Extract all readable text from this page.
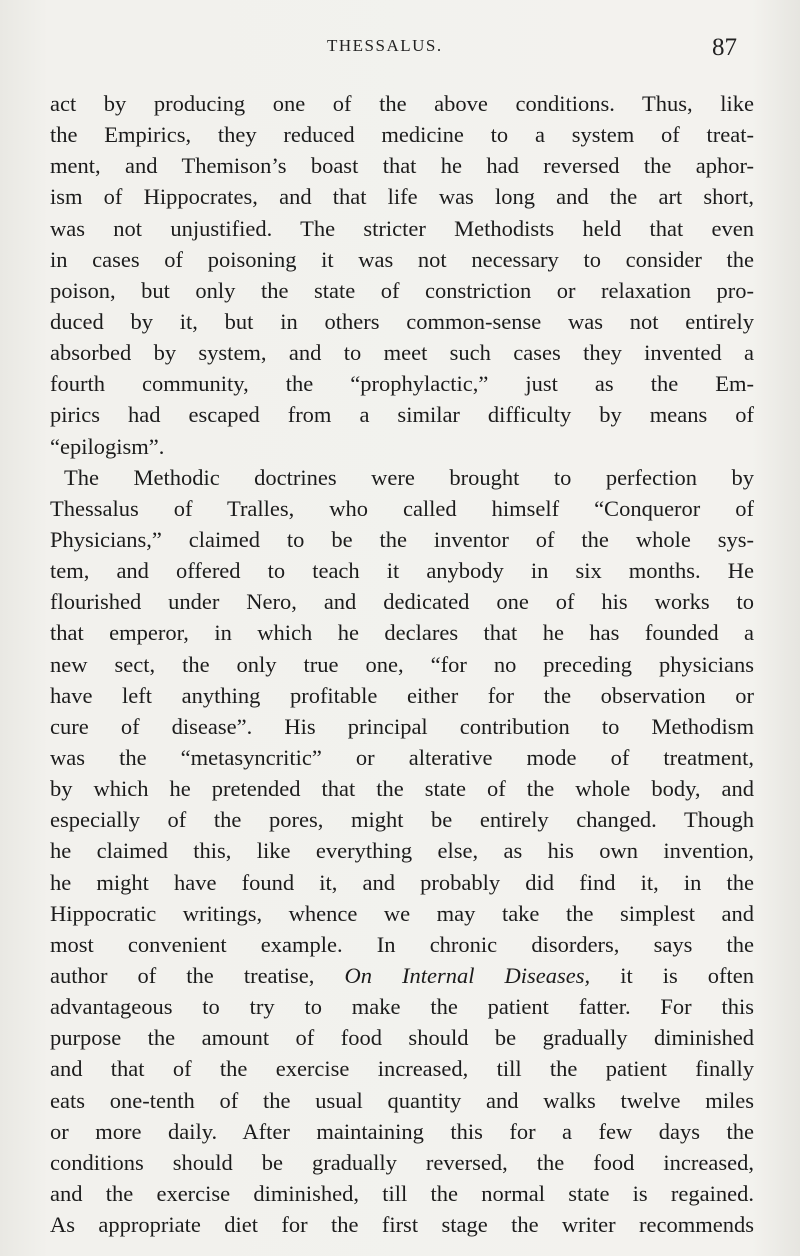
THESSALUS.	87
act by producing one of the above conditions. Thus, like
the Empirics, they reduced medicine to a system of treat-
ment, and Themison’s boast that he had reversed the aphor-
ism of Hippocrates, and that life was long and the art short,
was not unjustified. The stricter Methodists held that even
in cases of poisoning it was not necessary to consider the
poison, but only the state of constriction or relaxation pro-
duced by it, but in others common-sense was not entirely
absorbed by system, and to meet such cases they invented a
fourth community, the “prophylactic,” just as the Em-
pirics had escaped from a similar difficulty by means of
“epilogism”.
The Methodic doctrines were brought to perfection by
Thessalus of Tralles, who called himself “Conqueror of
Physicians,” claimed to be the inventor of the whole sys-
tem, and offered to teach it anybody in six months. He
flourished under Nero, and dedicated one of his works to
that emperor, in which he declares that he has founded a
new sect, the only true one, “for no preceding physicians
have left anything profitable either for the observation or
cure of disease”. His principal contribution to Methodism
was the “metasyncritic” or alterative mode of treatment,
by which he pretended that the state of the whole body, and
especially of the pores, might be entirely changed. Though
he claimed this, like everything else, as his own invention,
he might have found it, and probably did find it, in the
Hippocratic writings, whence we may take the simplest and
most convenient example. In chronic disorders, says the
author of the treatise, On Internal Diseases, it is often
advantageous to try to make the patient fatter. For this
purpose the amount of food should be gradually diminished
and that of the exercise increased, till the patient finally
eats one-tenth of the usual quantity and walks twelve miles
or more daily. After maintaining this for a few days the
conditions should be gradually reversed, the food increased,
and the exercise diminished, till the normal state is regained.
As appropriate diet for the first stage the writer recommends
